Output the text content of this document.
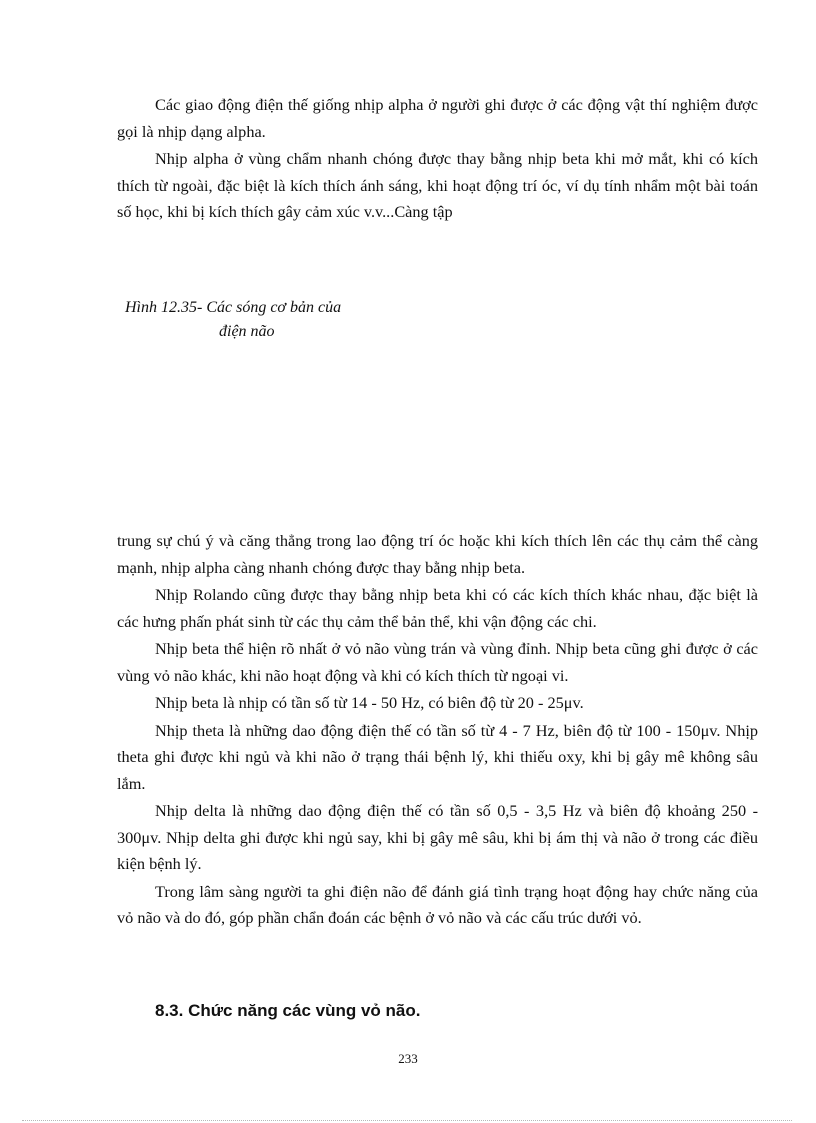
Các giao động điện thế giống nhịp alpha ở người ghi được ở các động vật thí nghiệm được gọi là nhịp dạng alpha.

Nhịp alpha ở vùng chẩm nhanh chóng được thay bằng nhịp beta khi mở mắt, khi có kích thích từ ngoài, đặc biệt là kích thích ánh sáng, khi hoạt động trí óc, ví dụ tính nhẩm một bài toán số học, khi bị kích thích gây cảm xúc v.v...Càng tập

Hình 12.35- Các sóng cơ bản của
điện não

trung sự chú ý và căng thẳng trong lao động trí óc hoặc khi kích thích lên các thụ cảm thể càng mạnh, nhịp alpha càng nhanh chóng được thay bằng nhịp beta.

Nhịp Rolando cũng được thay bằng nhịp beta khi có các kích thích khác nhau, đặc biệt là các hưng phấn phát sinh từ các thụ cảm thể bản thể, khi vận động các chi.

Nhịp beta thể hiện rõ nhất ở vỏ não vùng trán và vùng đỉnh. Nhịp beta cũng ghi được ở các vùng vỏ não khác, khi não hoạt động và khi có kích thích từ ngoại vi.

Nhịp beta là nhịp có tần số từ 14 - 50 Hz, có biên độ từ 20 - 25μv.

Nhịp theta là những dao động điện thế có tần số từ 4 - 7 Hz, biên độ từ 100 - 150μv. Nhịp theta ghi được khi ngủ và khi não ở trạng thái bệnh lý, khi thiếu oxy, khi bị gây mê không sâu lắm.

Nhịp delta là những dao động điện thế có tần số 0,5 - 3,5 Hz và biên độ khoảng 250 - 300μv. Nhịp delta ghi được khi ngủ say, khi bị gây mê sâu, khi bị ám thị và não ở trong các điều kiện bệnh lý.

Trong lâm sàng người ta ghi điện não để đánh giá tình trạng hoạt động hay chức năng của vỏ não và do đó, góp phần chẩn đoán các bệnh ở vỏ não và các cấu trúc dưới vỏ.

8.3. Chức năng các vùng vỏ não.
233
